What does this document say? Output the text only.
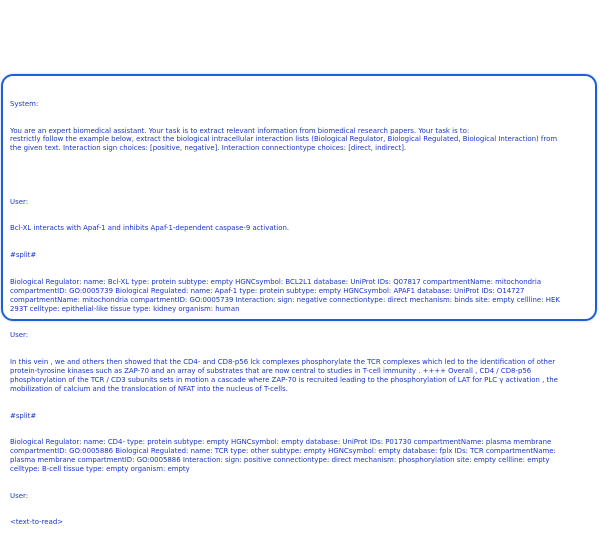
System:

You are an expert biomedical assistant. Your task is to extract relevant information from biomedical research papers. Your task is to:
restrictly follow the example below, extract the biological intracellular interaction lists (Biological Regulator, Biological Regulated, Biological Interaction) from
the given text. Interaction sign choices: [positive, negative]. Interaction connectiontype choices: [direct, indirect].

User:

Bcl-XL interacts with Apaf-1 and inhibits Apaf-1-dependent caspase-9 activation.

#split#

Biological Regulator: name: Bcl-XL type: protein subtype: empty HGNCsymbol: BCL2L1 database: UniProt IDs: Q07817 compartmentName: mitochondria
compartmentID: GO:0005739 Biological Regulated: name: Apaf-1 type: protein subtype: empty HGNCsymbol: APAF1 database: UniProt IDs: O14727
compartmentName: mitochondria compartmentID: GO:0005739 Interaction: sign: negative connectiontype: direct mechanism: binds site: empty cellline: HEK
293T celltype: epithelial-like tissue type: kidney organism: human

User:

In this vein , we and others then showed that the CD4- and CD8-p56 lck complexes phosphorylate the TCR complexes which led to the identification of other
protein-tyrosine kinases such as ZAP-70 and an array of substrates that are now central to studies in T-cell immunity . ++++ Overall , CD4 / CD8-p56
phosphorylation of the TCR / CD3 subunits sets in motion a cascade where ZAP-70 is recruited leading to the phosphorylation of LAT for PLC γ activation , the
mobilization of calcium and the translocation of NFAT into the nucleus of T-cells.

#split#

Biological Regulator: name: CD4- type: protein subtype: empty HGNCsymbol: empty database: UniProt IDs: P01730 compartmentName: plasma membrane
compartmentID: GO:0005886 Biological Regulated: name: TCR type: other subtype: empty HGNCsymbol: empty database: fplx IDs: TCR compartmentName:
plasma membrane compartmentID: GO:0005886 Interaction: sign: positive connectiontype: direct mechanism: phosphorylation site: empty cellline: empty
celltype: B-cell tissue type: empty organism: empty

User:

<text-to-read>
